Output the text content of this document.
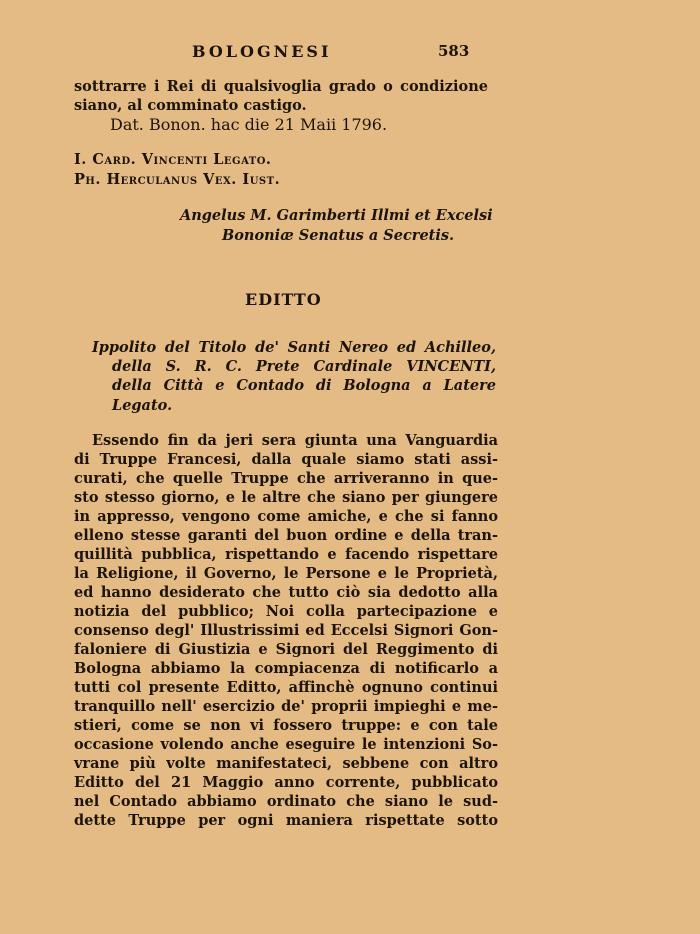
BOLOGNESI	583
sottrarre i Rei di qualsivoglia grado o condizione
siano, al comminato castigo.
Dat. Bonon. hac die 21 Maii 1796.
I. Card. Vincenti Legato.
Ph. Herculanus Vex. Iust.
Angelus M. Garimberti Illmi et Excelsi
Bononiæ Senatus a Secretis.
EDITTO
Ippolito del Titolo de' Santi Nereo ed Achilleo,
della S. R. C. Prete Cardinale VINCENTI,
della Città e Contado di Bologna a Latere
Legato.
Essendo fin da jeri sera giunta una Vanguardia
di Truppe Francesi, dalla quale siamo stati assi-
curati, che quelle Truppe che arriveranno in que-
sto stesso giorno, e le altre che siano per giungere
in appresso, vengono come amiche, e che si fanno
elleno stesse garanti del buon ordine e della tran-
quillità pubblica, rispettando e facendo rispettare
la Religione, il Governo, le Persone e le Proprietà,
ed hanno desiderato che tutto ciò sia dedotto alla
notizia del pubblico; Noi colla partecipazione e
consenso degl' Illustrissimi ed Eccelsi Signori Gon-
faloniere di Giustizia e Signori del Reggimento di
Bologna abbiamo la compiacenza di notificarlo a
tutti col presente Editto, affinchè ognuno continui
tranquillo nell' esercizio de' proprii impieghi e me-
stieri, come se non vi fossero truppe: e con tale
occasione volendo anche eseguire le intenzioni So-
vrane più volte manifestateci, sebbene con altro
Editto del 21 Maggio anno corrente, pubblicato
nel Contado abbiamo ordinato che siano le sud-
dette Truppe per ogni maniera rispettate sotto
